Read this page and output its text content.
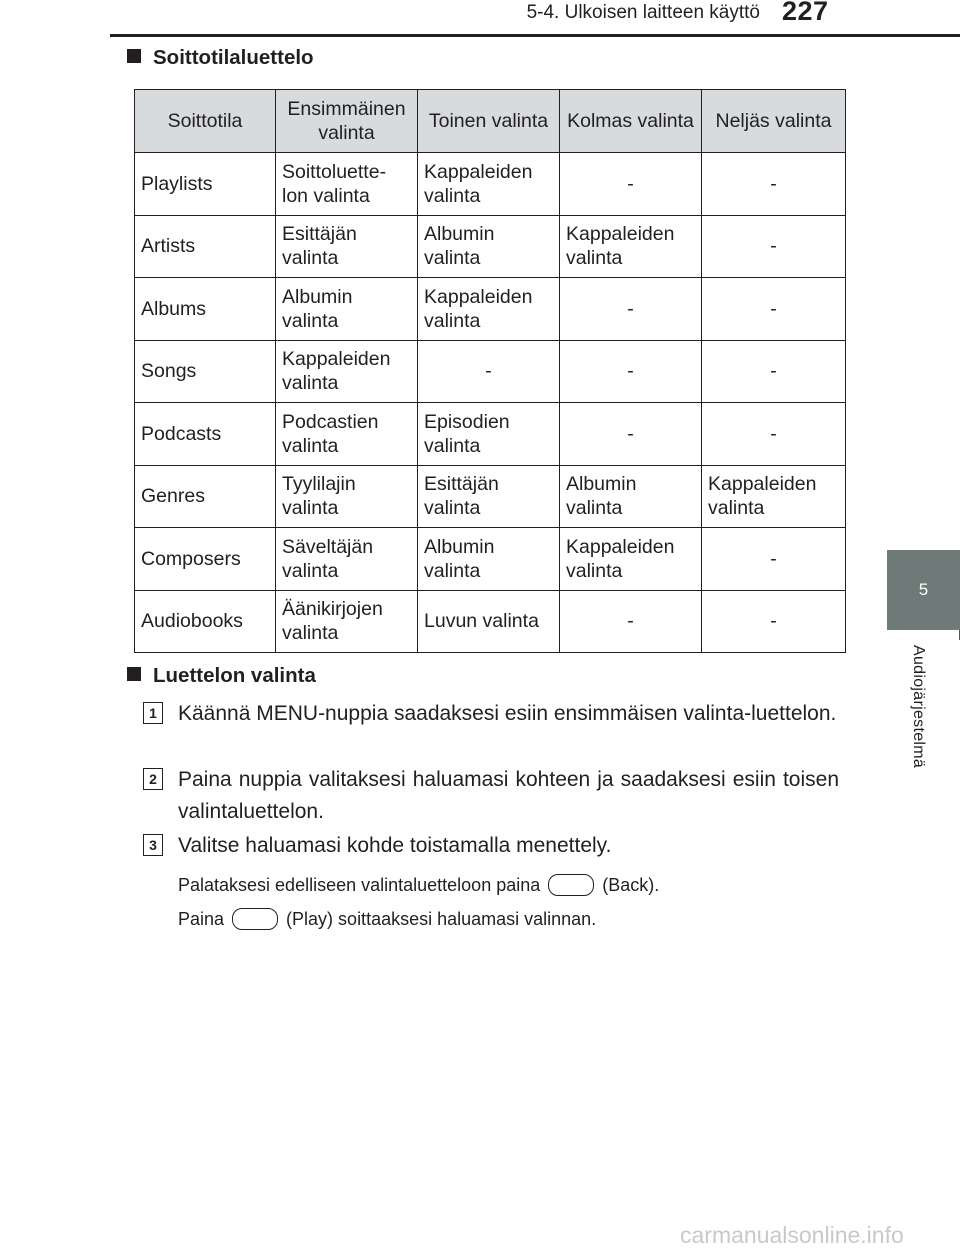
5-4. Ulkoisen laitteen käyttö 227
5
Audiojärjestelmä
Soittotilaluettelo
Soittotila	Ensimmäinen valinta	Toinen valinta	Kolmas valinta	Neljäs valinta
Playlists	Soittoluette-lon valinta	Kappaleiden valinta	-	-
Artists	Esittäjän valinta	Albumin valinta	Kappaleiden valinta	-
Albums	Albumin valinta	Kappaleiden valinta	-	-
Songs	Kappaleiden valinta	-	-	-
Podcasts	Podcastien valinta	Episodien valinta	-	-
Genres	Tyylilajin valinta	Esittäjän valinta	Albumin valinta	Kappaleiden valinta
Composers	Säveltäjän valinta	Albumin valinta	Kappaleiden valinta	-
Audiobooks	Äänikirjojen valinta	Luvun valinta	-	-
Luettelon valinta
1 Käännä MENU-nuppia saadaksesi esiin ensimmäisen valinta-luettelon.
2 Paina nuppia valitaksesi haluamasi kohteen ja saadaksesi esiin toisen valintaluettelon.
3 Valitse haluamasi kohde toistamalla menettely.
Palataksesi edelliseen valintaluetteloon paina	(Back).
Paina	(Play) soittaaksesi haluamasi valinnan.
carmanualsonline.info
